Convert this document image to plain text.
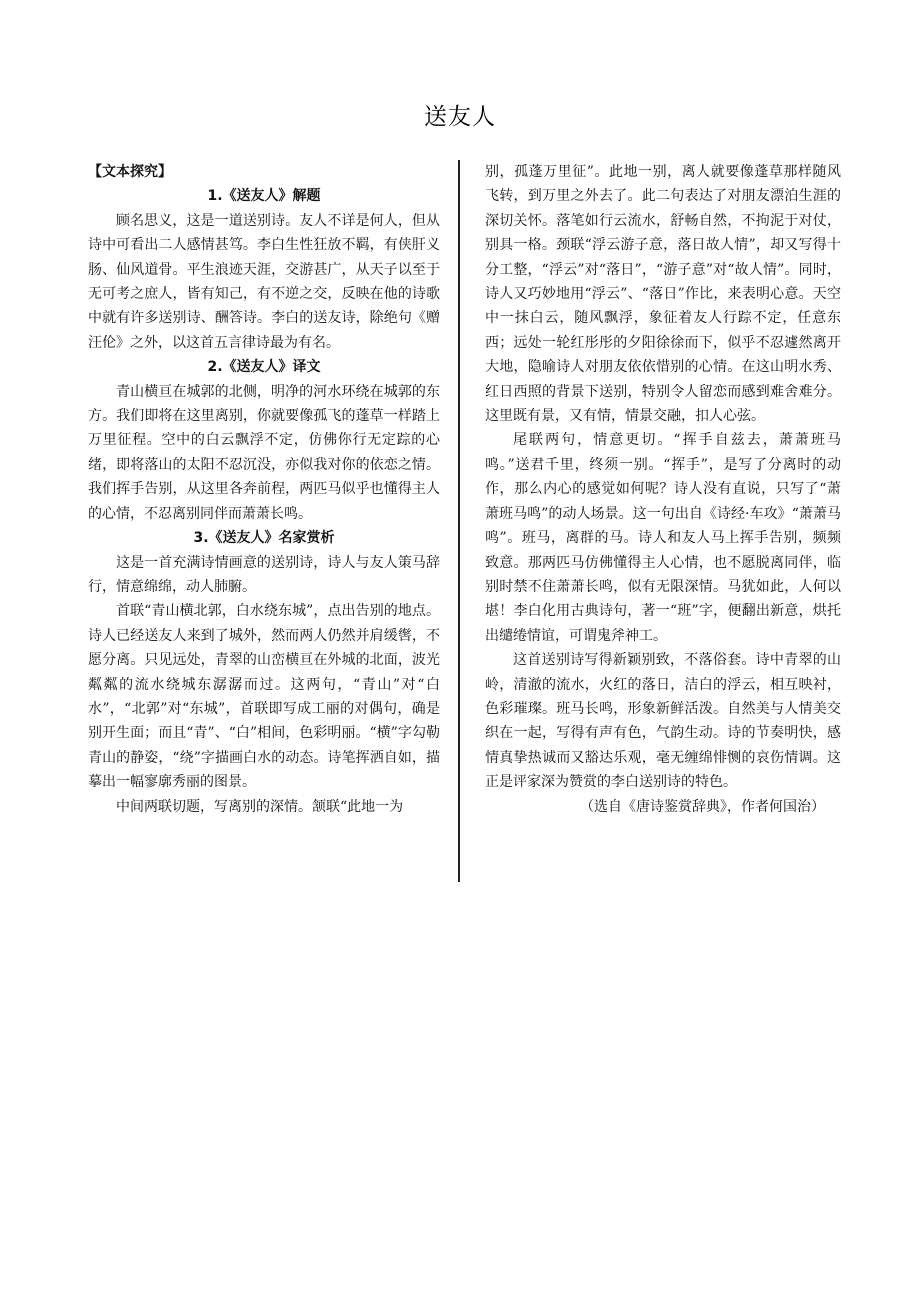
送友人
【文本探究】
1.《送友人》解题

顾名思义，这是一道送别诗。友人不详是何人，但从诗中可看出二人感情甚笃。李白生性狂放不羁，有侠肝义肠、仙风道骨。平生浪迹天涯，交游甚广，从天子以至于无可考之庶人，皆有知己，有不逆之交，反映在他的诗歌中就有许多送别诗、酬答诗。李白的送友诗，除绝句《赠汪伦》之外，以这首五言律诗最为有名。

2.《送友人》译文

青山横亘在城郭的北侧，明净的河水环绕在城郭的东方。我们即将在这里离别，你就要像孤飞的蓬草一样踏上万里征程。空中的白云飘浮不定，仿佛你行无定踪的心绪，即将落山的太阳不忍沉没，亦似我对你的依恋之情。我们挥手告别，从这里各奔前程，两匹马似乎也懂得主人的心情，不忍离别同伴而萧萧长鸣。

3.《送友人》名家赏析

这是一首充满诗情画意的送别诗，诗人与友人策马辞行，情意绵绵，动人肺腑。

首联“青山横北郭，白水绕东城”，点出告别的地点。诗人已经送友人来到了城外，然而两人仍然并肩缓辔，不愿分离。只见远处，青翠的山峦横亘在外城的北面，波光粼粼的流水绕城东潺潺而过。这两句，“青山”对“白水”，“北郭”对“东城”，首联即写成工丽的对偶句，确是别开生面；而且“青”、“白”相间，色彩明丽。“横”字勾勒青山的静姿，“绕”字描画白水的动态。诗笔挥洒自如，描摹出一幅寥廓秀丽的图景。

中间两联切题，写离别的深情。颔联“此地一为

别，孤蓬万里征”。此地一别，离人就要像蓬草那样随风飞转，到万里之外去了。此二句表达了对朋友漂泊生涯的深切关怀。落笔如行云流水，舒畅自然，不拘泥于对仗，别具一格。颈联“浮云游子意，落日故人情”，却又写得十分工整，“浮云”对“落日”，“游子意”对“故人情”。同时，诗人又巧妙地用“浮云”、“落日”作比，来表明心意。天空中一抹白云，随风飘浮，象征着友人行踪不定，任意东西；远处一轮红彤彤的夕阳徐徐而下，似乎不忍遽然离开大地，隐喻诗人对朋友依依惜别的心情。在这山明水秀、红日西照的背景下送别，特别令人留恋而感到难舍难分。这里既有景，又有情，情景交融，扣人心弦。

尾联两句，情意更切。“挥手自兹去，萧萧班马鸣。”送君千里，终须一别。“挥手”，是写了分离时的动作，那么内心的感觉如何呢？诗人没有直说，只写了“萧萧班马鸣”的动人场景。这一句出自《诗经·车攻》“萧萧马鸣”。班马，离群的马。诗人和友人马上挥手告别，频频致意。那两匹马仿佛懂得主人心情，也不愿脱离同伴，临别时禁不住萧萧长鸣，似有无限深情。马犹如此，人何以堪！李白化用古典诗句，著一“班”字，便翻出新意，烘托出缱绻情谊，可谓鬼斧神工。

这首送别诗写得新颖别致，不落俗套。诗中青翠的山岭，清澈的流水，火红的落日，洁白的浮云，相互映衬，色彩璀璨。班马长鸣，形象新鲜活泼。自然美与人情美交织在一起，写得有声有色，气韵生动。诗的节奏明快，感情真挚热诚而又豁达乐观，毫无缠绵悱恻的哀伤情调。这正是评家深为赞赏的李白送别诗的特色。

（选自《唐诗鉴赏辞典》，作者何国治）
